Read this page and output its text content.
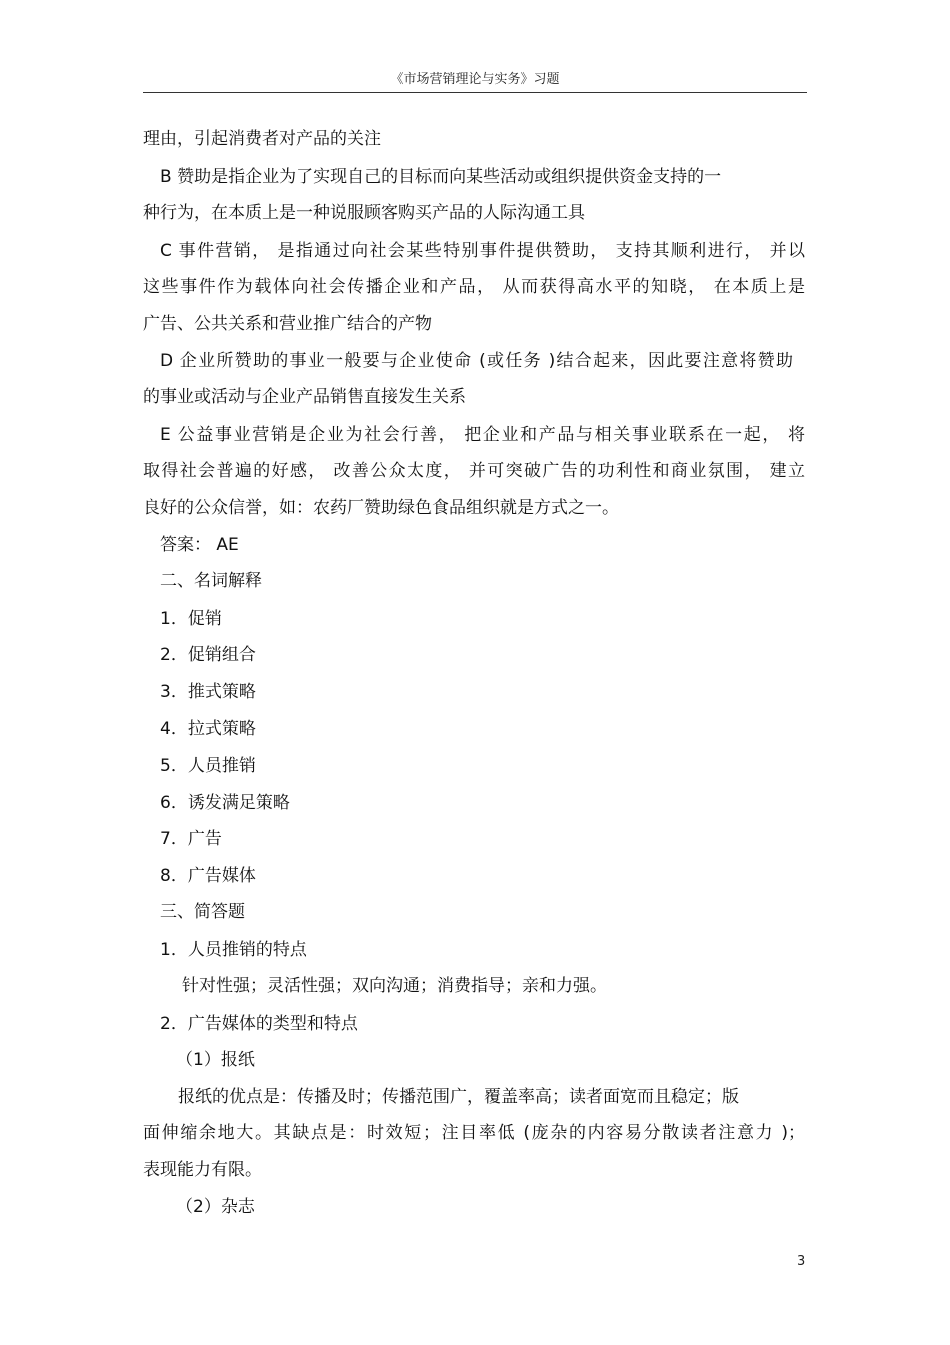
《市场营销理论与实务》习题
理由，引起消费者对产品的关注
B 赞助是指企业为了实现自己的目标而向某些活动或组织提供资金支持的一
种行为，在本质上是一种说服顾客购买产品的人际沟通工具
C 事件营销， 是指通过向社会某些特别事件提供赞助， 支持其顺利进行， 并以
这些事件作为载体向社会传播企业和产品， 从而获得高水平的知晓， 在本质上是
广告、公共关系和营业推广结合的产物
D 企业所赞助的事业一般要与企业使命 (或任务 )结合起来，因此要注意将赞助
的事业或活动与企业产品销售直接发生关系
E 公益事业营销是企业为社会行善， 把企业和产品与相关事业联系在一起， 将
取得社会普遍的好感， 改善公众太度， 并可突破广告的功利性和商业氛围， 建立
良好的公众信誉，如：农药厂赞助绿色食品组织就是方式之一。
答案： AE
二、名词解释
1．促销
2．促销组合
3．推式策略
4．拉式策略
5．人员推销
6．诱发满足策略
7．广告
8．广告媒体
三、简答题
1．人员推销的特点
针对性强；灵活性强；双向沟通；消费指导；亲和力强。
2．广告媒体的类型和特点
（1）报纸
报纸的优点是：传播及时；传播范围广，覆盖率高；读者面宽而且稳定；版
面伸缩余地大。其缺点是：时效短；注目率低 (庞杂的内容易分散读者注意力 )；
表现能力有限。
（2）杂志
3
